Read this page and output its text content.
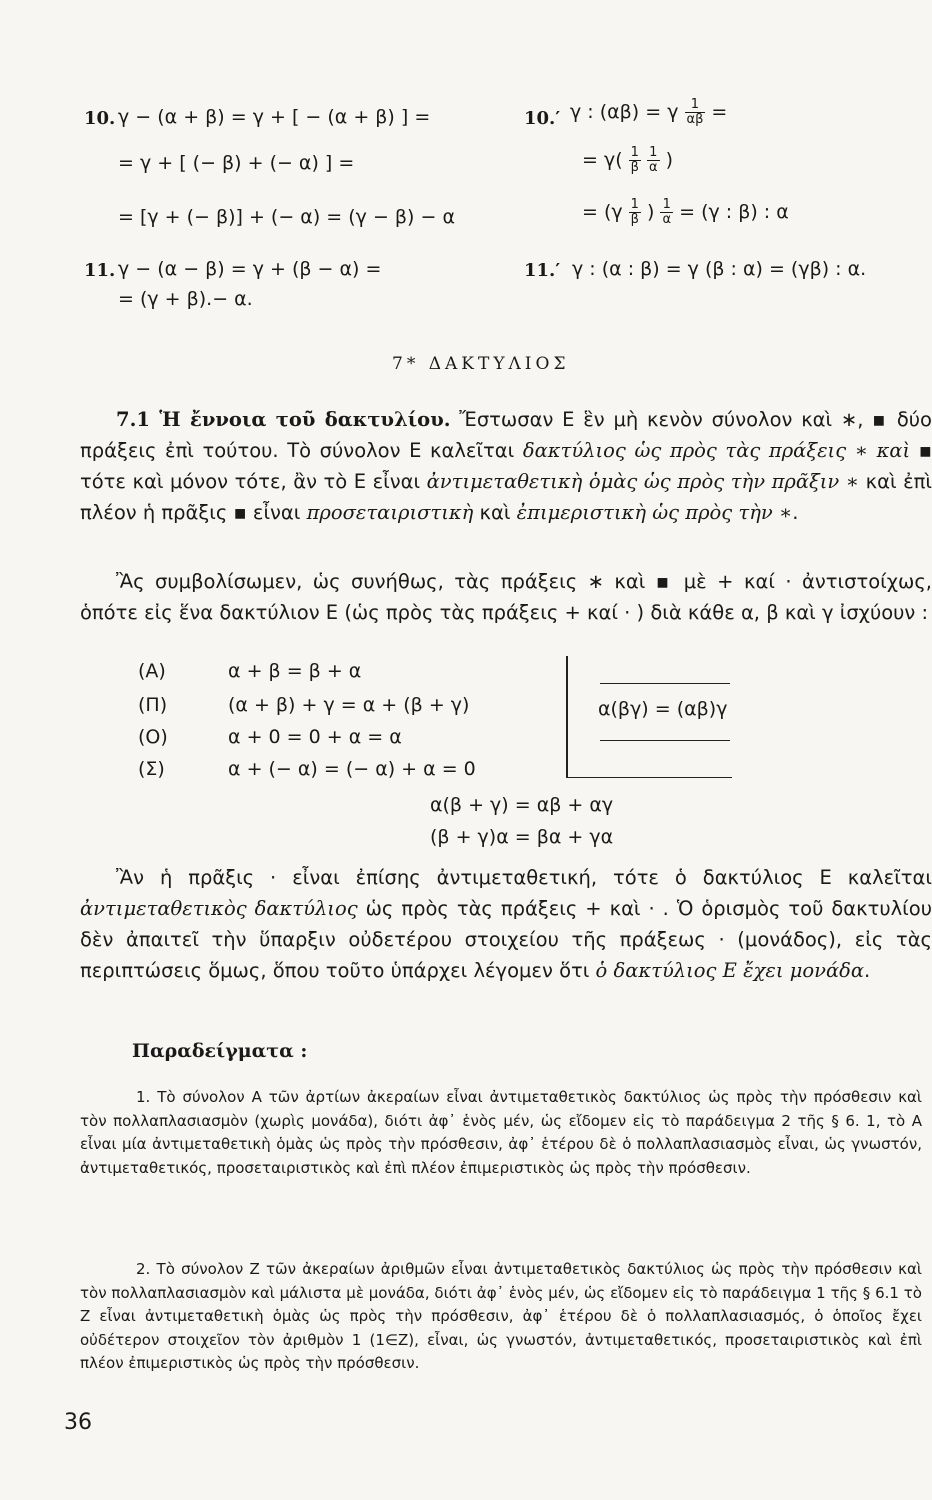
10. γ − (α + β) = γ + [ − (α + β) ] =
= γ + [ (− β) + (− α) ] =
= [γ + (− β)] + (− α) = (γ − β) − α
10.′ γ : (αβ) = γ $\frac{1}{\alpha\beta}$ =
= $\gamma( \frac{1}{\beta}$
$\frac{1}{\alpha}$ )
= ($\gamma \frac{1}{\beta}$ ) $\frac{1}{\alpha} = (\gamma$ : β) : α
11. γ − (α − β) = γ + (β − α) =
= (γ + β).− α.
11.′ γ : (α : β) = γ (β : α) = (γβ) : α.
7* ΔΑΚΤΥΛΙΟΣ

7.1 Ἡ ἔννοια τοῦ δακτυλίου. Ἔστωσαν Ε ἓν μὴ κενὸν σύνολον καὶ ∗, ▪ δύο πράξεις ἐπὶ τούτου. Τὸ σύνολον Ε καλεῖται δακτύλιος ὡς πρὸς τὰς πράξεις ∗ καὶ ▪ τότε καὶ μόνον τότε, ἂν τὸ Ε εἶναι ἀντιμεταθετικὴ ὁμὰς ὡς πρὸς τὴν πρᾶξιν ∗ καὶ ἐπὶ πλέον ἡ πρᾶξις ▪ εἶναι προσεταιριστικὴ καὶ ἐπιμεριστικὴ ὡς πρὸς τὴν ∗.

Ἂς συμβολίσωμεν, ὡς συνήθως, τὰς πράξεις ∗ καὶ ▪ μὲ + καί · ἀντιστοίχως, ὁπότε εἰς ἕνα δακτύλιον Ε (ὡς πρὸς τὰς πράξεις + καί · ) διὰ κάθε α, β καὶ γ ἰσχύουν :

(Α)	α + β = β + α
(Π)	(α + β) + γ = α + (β + γ)
(Ο)	α + 0 = 0 + α = α
(Σ)	α + (− α) = (− α) + α = 0
α(βγ) = (αβ)γ
α(β + γ) = αβ + αγ
(β + γ)α = βα + γα

Ἂν ἡ πρᾶξις · εἶναι ἐπίσης ἀντιμεταθετική, τότε ὁ δακτύλιος Ε καλεῖται ἀντιμεταθετικὸς δακτύλιος ὡς πρὸς τὰς πράξεις + καὶ · . Ὁ ὁρισμὸς τοῦ δακτυλίου δὲν ἀπαιτεῖ τὴν ὕπαρξιν οὐδετέρου στοιχείου τῆς πράξεως · (μονάδος), εἰς τὰς περιπτώσεις ὅμως, ὅπου τοῦτο ὑπάρχει λέγομεν ὅτι ὁ δακτύλιος Ε ἔχει μονάδα.

Παραδείγματα :

1. Τὸ σύνολον Α τῶν ἀρτίων ἀκεραίων εἶναι ἀντιμεταθετικὸς δακτύλιος ὡς πρὸς τὴν πρόσθεσιν καὶ τὸν πολλαπλασιασμὸν (χωρὶς μονάδα), διότι ἀφ᾽ ἑνὸς μέν, ὡς εἴδομεν εἰς τὸ παράδειγμα 2 τῆς § 6. 1, τὸ Α εἶναι μία ἀντιμεταθετικὴ ὁμὰς ὡς πρὸς τὴν πρόσθεσιν, ἀφ᾽ ἑτέρου δὲ ὁ πολλαπλασιασμὸς εἶναι, ὡς γνωστόν, ἀντιμεταθετικός, προσεταιριστικὸς καὶ ἐπὶ πλέον ἐπιμεριστικὸς ὡς πρὸς τὴν πρόσθεσιν.

2. Τὸ σύνολον Ζ τῶν ἀκεραίων ἀριθμῶν εἶναι ἀντιμεταθετικὸς δακτύλιος ὡς πρὸς τὴν πρόσθεσιν καὶ τὸν πολλαπλασιασμὸν καὶ μάλιστα μὲ μονάδα, διότι ἀφ᾽ ἑνὸς μέν, ὡς εἴδομεν εἰς τὸ παράδειγμα 1 τῆς § 6.1 τὸ Ζ εἶναι ἀντιμεταθετικὴ ὁμὰς ὡς πρὸς τὴν πρόσθεσιν, ἀφ᾽ ἑτέρου δὲ ὁ πολλαπλασιασμός, ὁ ὁποῖος ἔχει οὐδέτερον στοιχεῖον τὸν ἀριθμὸν 1 (1∈Ζ), εἶναι, ὡς γνωστόν, ἀντιμεταθετικός, προσεταιριστικὸς καὶ ἐπὶ πλέον ἐπιμεριστικὸς ὡς πρὸς τὴν πρόσθεσιν.

36
